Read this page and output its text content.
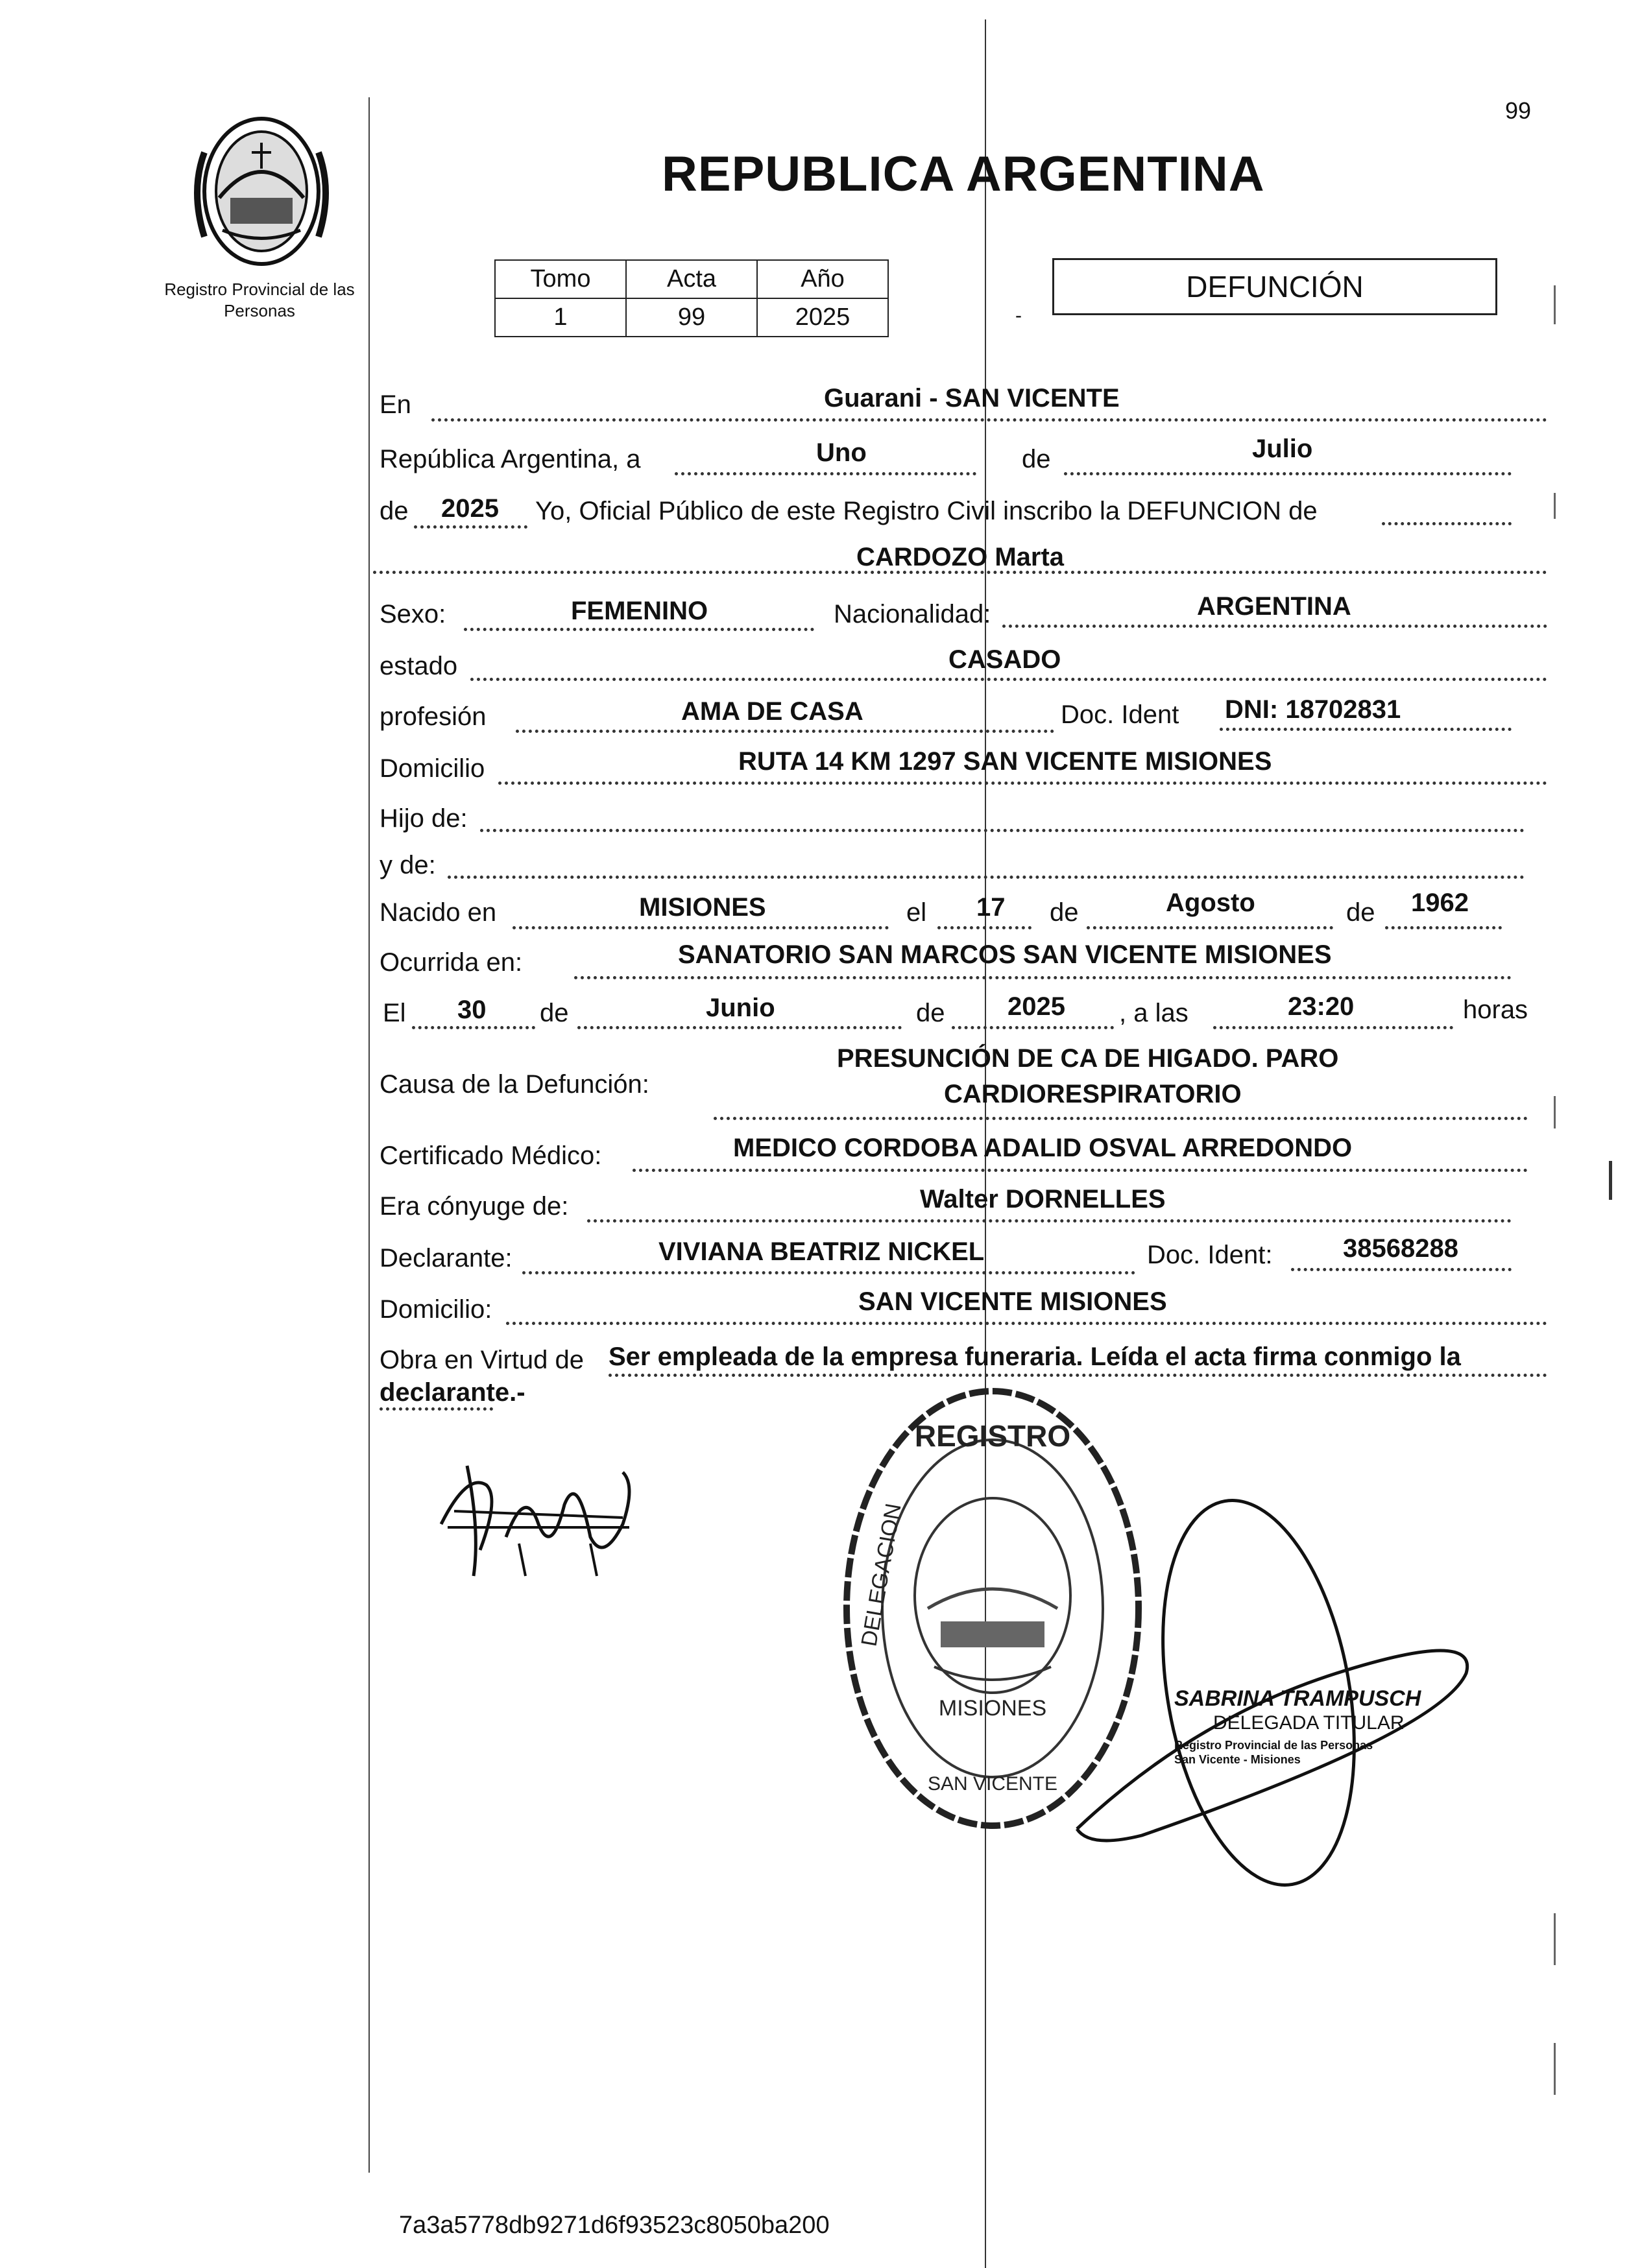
99
Registro Provincial de las Personas
REPUBLICA ARGENTINA
Tomo	Acta	Año
1	99	2025	-
DEFUNCIÓN
En	Guarani - SAN VICENTE
República Argentina, a	Uno	de	Julio
de 2025 Yo, Oficial Público de este Registro Civil inscribo la DEFUNCION de
CARDOZO Marta
Sexo:	FEMENINO	Nacionalidad:	ARGENTINA
estado	CASADO
profesión	AMA DE CASA	Doc. Ident DNI: 18702831
Domicilio	RUTA 14 KM 1297 SAN VICENTE MISIONES
Hijo de:
y de:
Nacido en	MISIONES	el 17 de	Agosto	de 1962
Ocurrida en:	SANATORIO SAN MARCOS SAN VICENTE MISIONES
El 30 de	Junio	de 2025 , a las	23:20	horas
Causa de la Defunción:
PRESUNCIÓN DE CA DE HIGADO. PARO
CARDIORESPIRATORIO
Certificado Médico:	MEDICO CORDOBA ADALID OSVAL ARREDONDO
Era cónyuge de:	Walter DORNELLES
Declarante:	VIVIANA BEATRIZ NICKEL	Doc. Ident:	38568288
Domicilio:	SAN VICENTE MISIONES
Obra en Virtud de Ser empleada de la empresa funeraria. Leída el acta firma conmigo la
declarante.-
REGISTRO
MISIONES
SAN VICENTE
DELEGACION
SABRINA TRAMPUSCH
DELEGADA TITULAR
Registro Provincial de las Personas
San Vicente - Misiones
7a3a5778db9271d6f93523c8050ba200
